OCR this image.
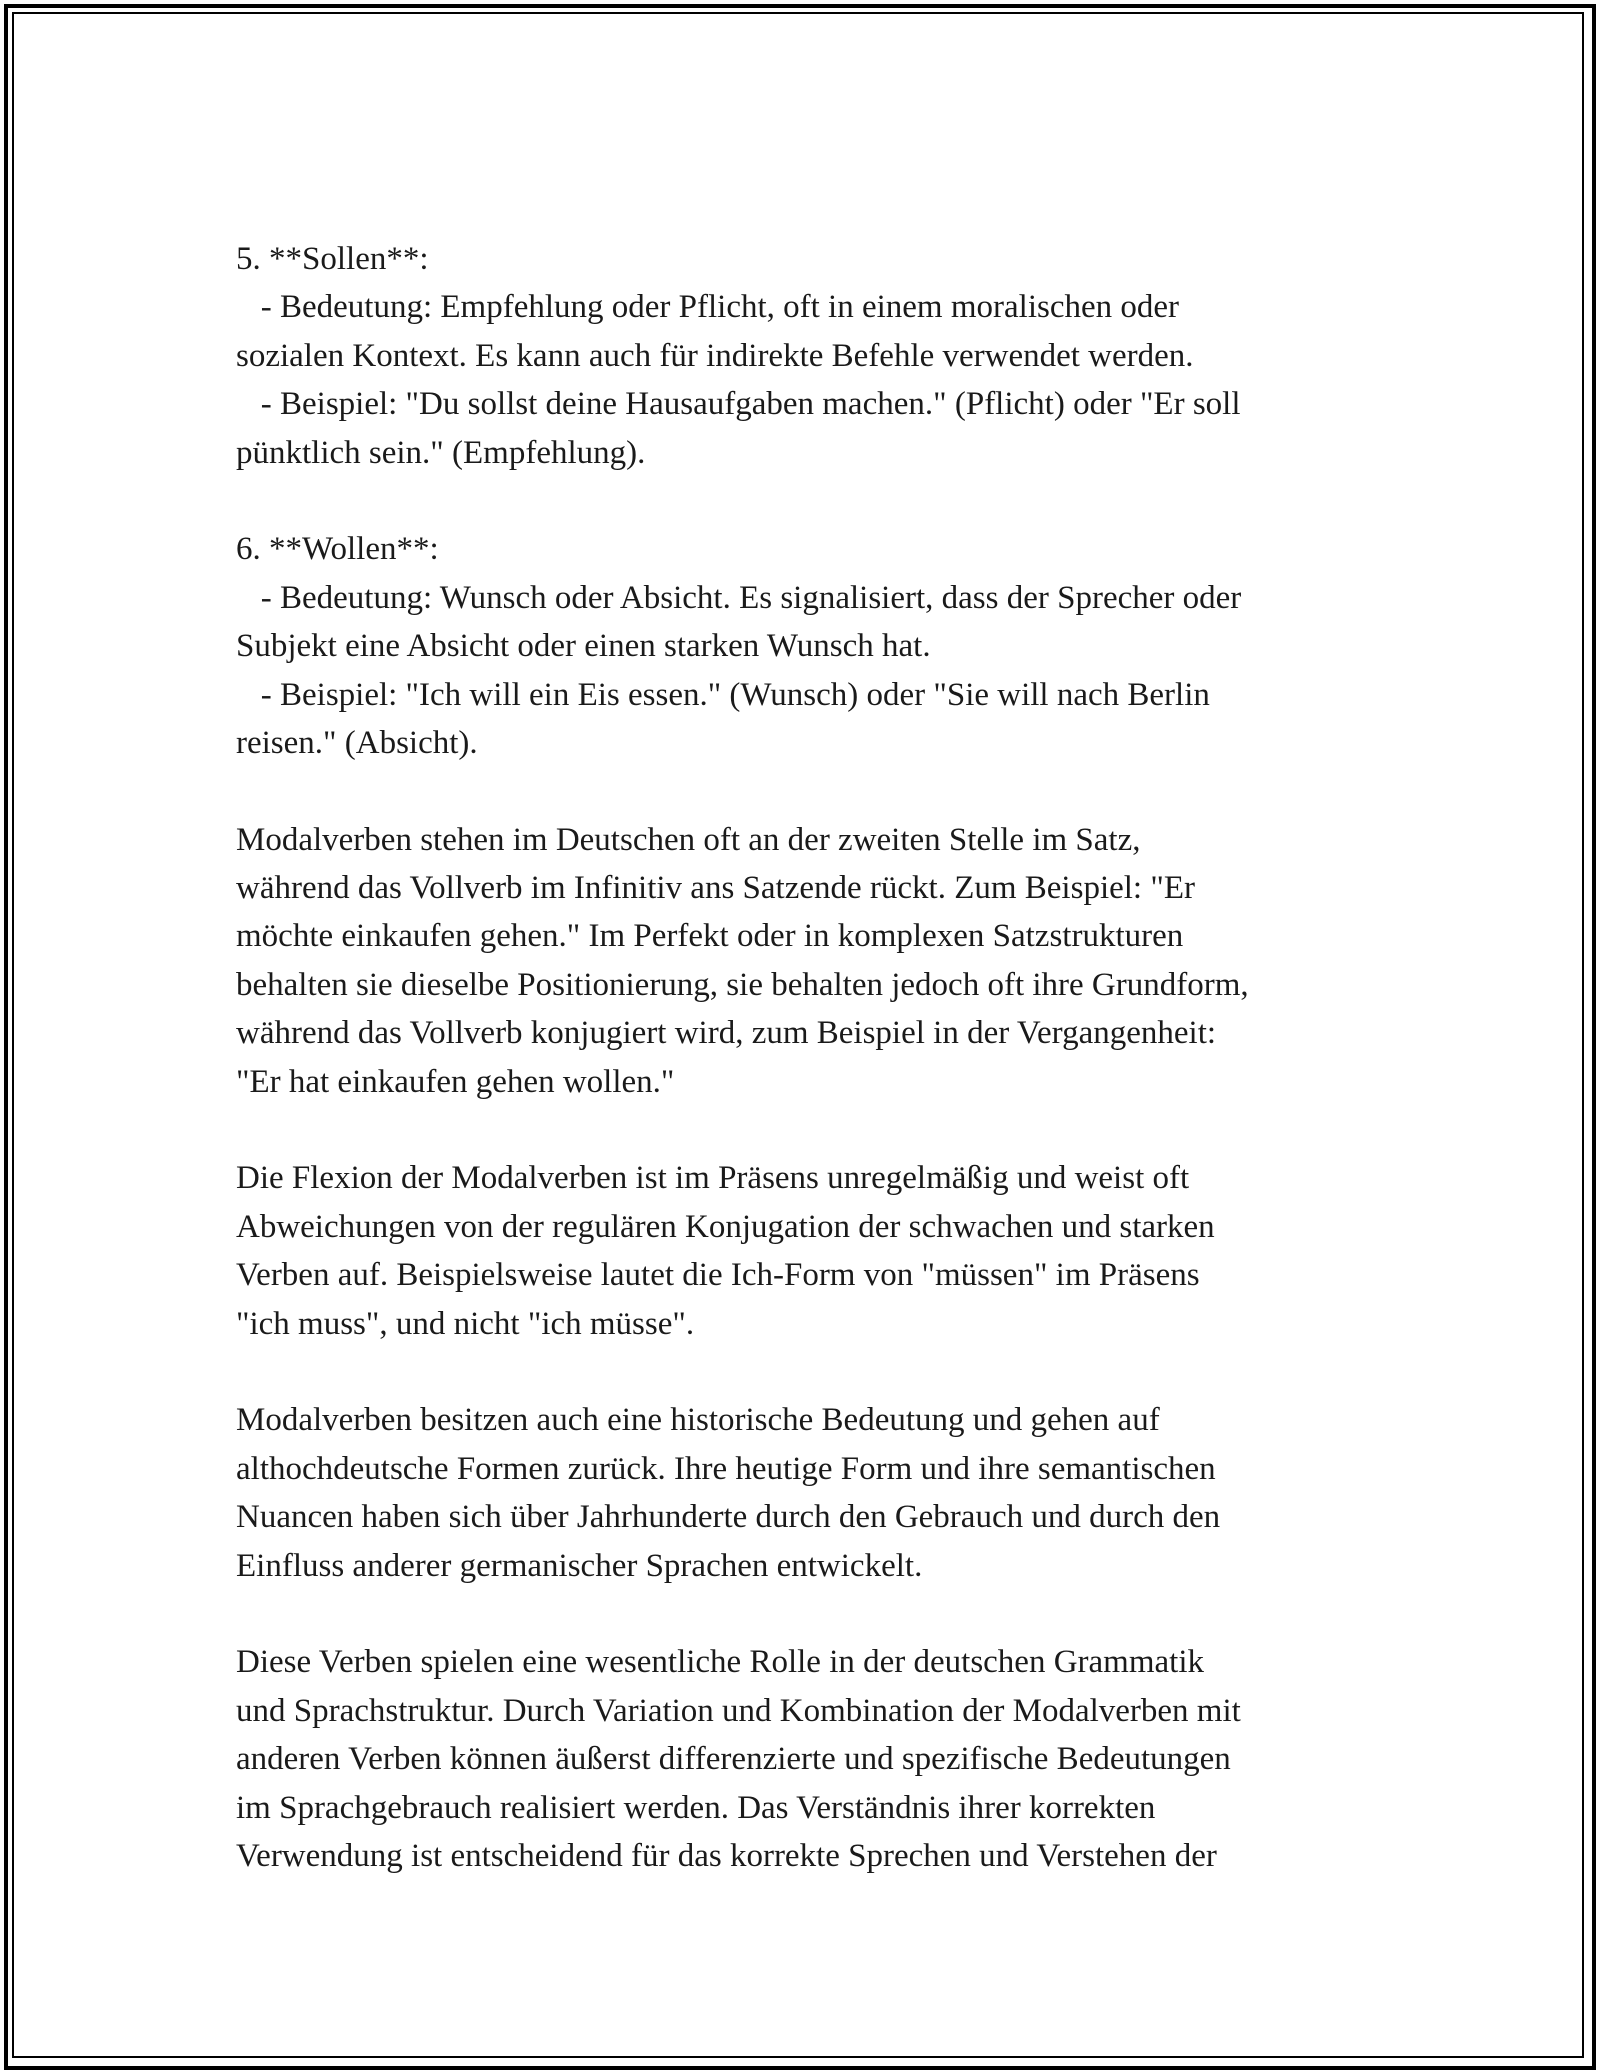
5. **Sollen**:
- Bedeutung: Empfehlung oder Pflicht, oft in einem moralischen oder
sozialen Kontext. Es kann auch für indirekte Befehle verwendet werden.
- Beispiel: "Du sollst deine Hausaufgaben machen." (Pflicht) oder "Er soll
pünktlich sein." (Empfehlung).
6. **Wollen**:
- Bedeutung: Wunsch oder Absicht. Es signalisiert, dass der Sprecher oder
Subjekt eine Absicht oder einen starken Wunsch hat.
- Beispiel: "Ich will ein Eis essen." (Wunsch) oder "Sie will nach Berlin
reisen." (Absicht).
Modalverben stehen im Deutschen oft an der zweiten Stelle im Satz,
während das Vollverb im Infinitiv ans Satzende rückt. Zum Beispiel: "Er
möchte einkaufen gehen." Im Perfekt oder in komplexen Satzstrukturen
behalten sie dieselbe Positionierung, sie behalten jedoch oft ihre Grundform,
während das Vollverb konjugiert wird, zum Beispiel in der Vergangenheit:
"Er hat einkaufen gehen wollen."
Die Flexion der Modalverben ist im Präsens unregelmäßig und weist oft
Abweichungen von der regulären Konjugation der schwachen und starken
Verben auf. Beispielsweise lautet die Ich-Form von "müssen" im Präsens
"ich muss", und nicht "ich müsse".
Modalverben besitzen auch eine historische Bedeutung und gehen auf
althochdeutsche Formen zurück. Ihre heutige Form und ihre semantischen
Nuancen haben sich über Jahrhunderte durch den Gebrauch und durch den
Einfluss anderer germanischer Sprachen entwickelt.
Diese Verben spielen eine wesentliche Rolle in der deutschen Grammatik
und Sprachstruktur. Durch Variation und Kombination der Modalverben mit
anderen Verben können äußerst differenzierte und spezifische Bedeutungen
im Sprachgebrauch realisiert werden. Das Verständnis ihrer korrekten
Verwendung ist entscheidend für das korrekte Sprechen und Verstehen der
